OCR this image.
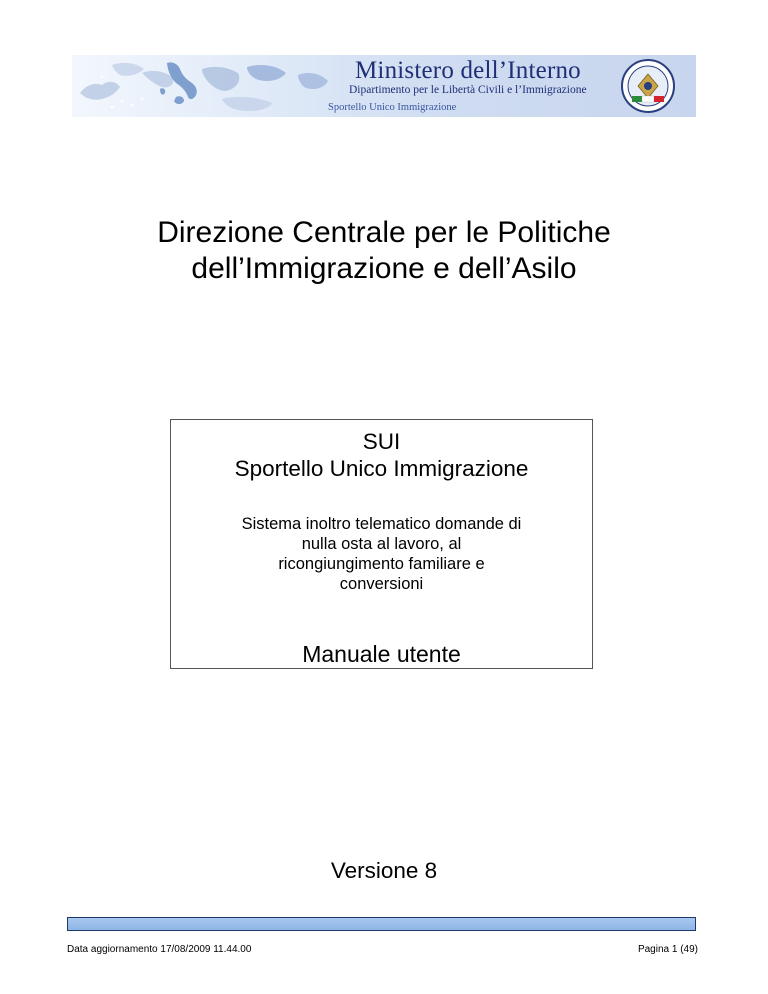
Ministero dell’Interno
Dipartimento per le Libertà Civili e l’Immigrazione
Sportello Unico Immigrazione
Direzione Centrale per le Politiche
dell’Immigrazione e dell’Asilo
SUI
Sportello Unico Immigrazione
Sistema inoltro telematico domande di
nulla osta al lavoro, al
ricongiungimento familiare e
conversioni
Manuale utente
Versione 8
Data aggiornamento 17/08/2009 11.44.00	Pagina 1 (49)
